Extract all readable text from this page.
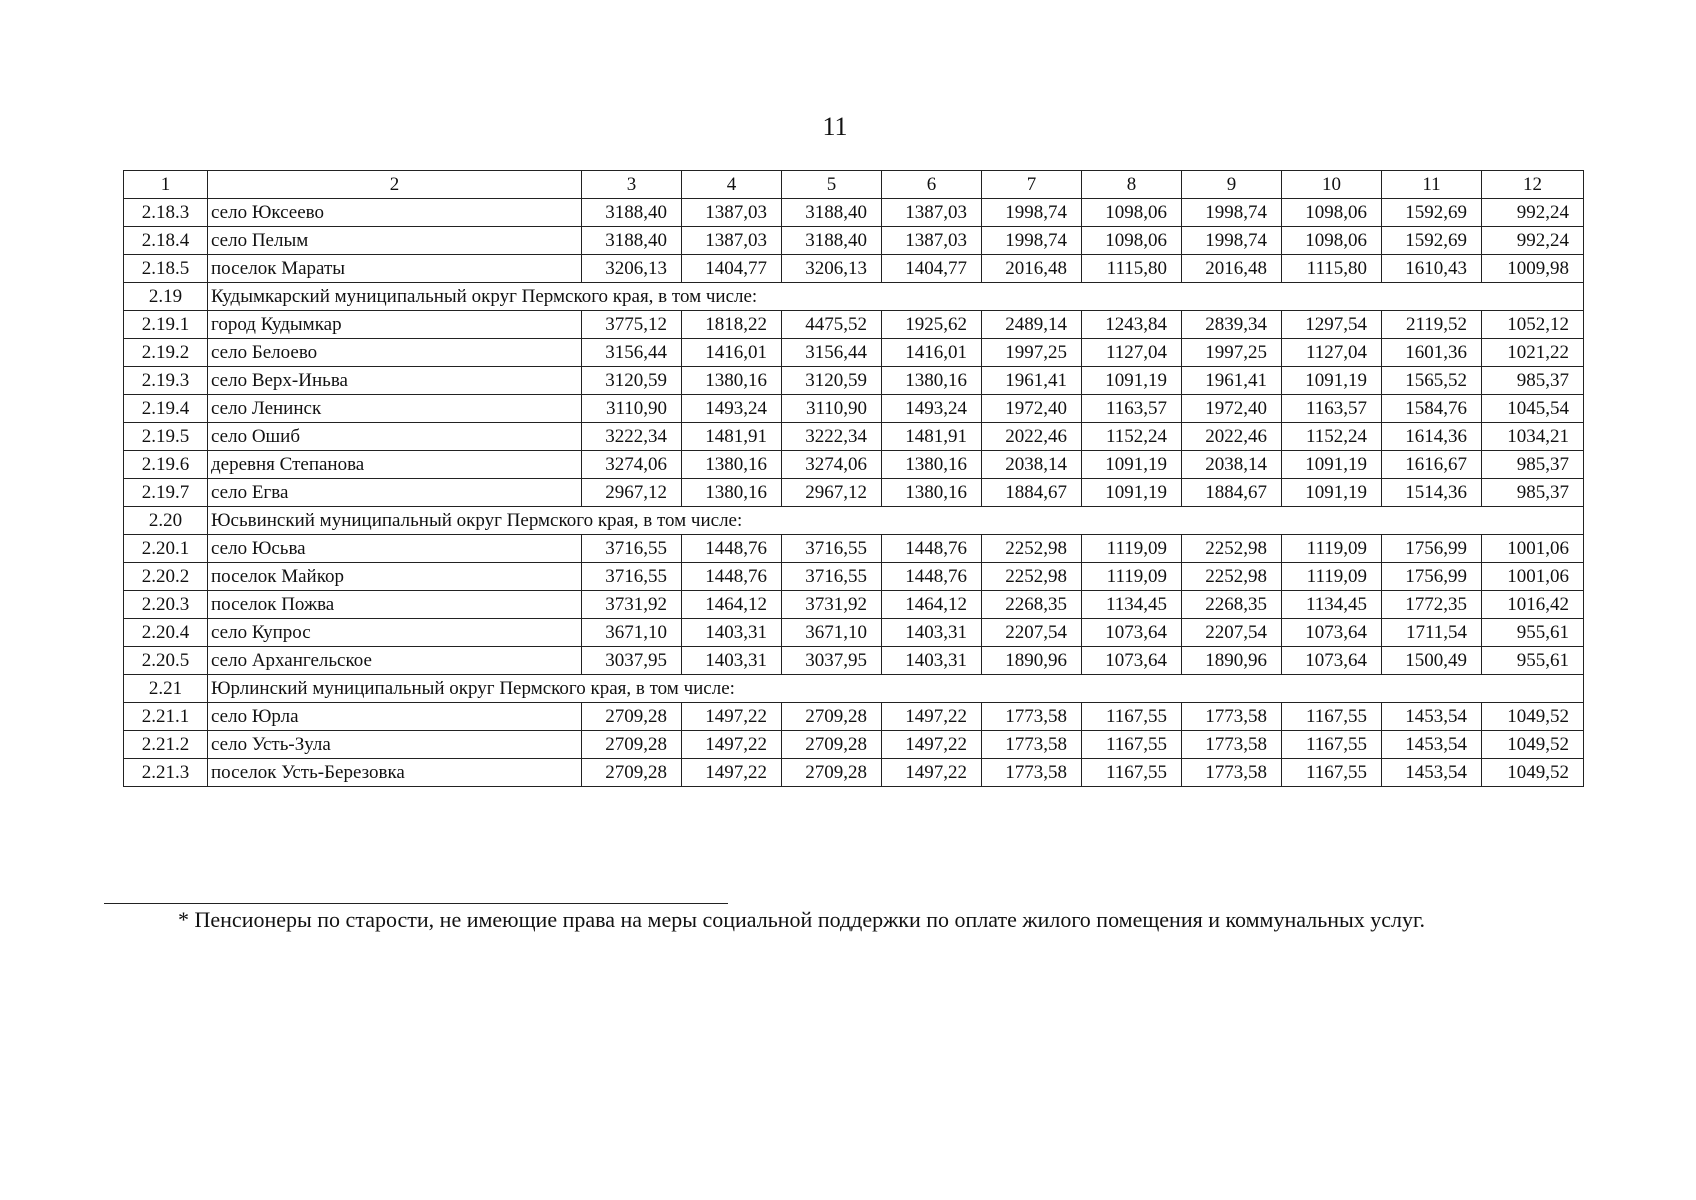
11
1	2	3	4	5	6	7	8	9	10	11	12
2.18.3	село Юксеево	3188,40	1387,03	3188,40	1387,03	1998,74	1098,06	1998,74	1098,06	1592,69	992,24
2.18.4	село Пелым	3188,40	1387,03	3188,40	1387,03	1998,74	1098,06	1998,74	1098,06	1592,69	992,24
2.18.5	поселок Мараты	3206,13	1404,77	3206,13	1404,77	2016,48	1115,80	2016,48	1115,80	1610,43	1009,98
2.19	Кудымкарский муниципальный округ Пермского края, в том числе:										
2.19.1	город Кудымкар	3775,12	1818,22	4475,52	1925,62	2489,14	1243,84	2839,34	1297,54	2119,52	1052,12
2.19.2	село Белоево	3156,44	1416,01	3156,44	1416,01	1997,25	1127,04	1997,25	1127,04	1601,36	1021,22
2.19.3	село Верх-Иньва	3120,59	1380,16	3120,59	1380,16	1961,41	1091,19	1961,41	1091,19	1565,52	985,37
2.19.4	село Ленинск	3110,90	1493,24	3110,90	1493,24	1972,40	1163,57	1972,40	1163,57	1584,76	1045,54
2.19.5	село Ошиб	3222,34	1481,91	3222,34	1481,91	2022,46	1152,24	2022,46	1152,24	1614,36	1034,21
2.19.6	деревня Степанова	3274,06	1380,16	3274,06	1380,16	2038,14	1091,19	2038,14	1091,19	1616,67	985,37
2.19.7	село Егва	2967,12	1380,16	2967,12	1380,16	1884,67	1091,19	1884,67	1091,19	1514,36	985,37
2.20	Юсьвинский муниципальный округ Пермского края, в том числе:										
2.20.1	село Юсьва	3716,55	1448,76	3716,55	1448,76	2252,98	1119,09	2252,98	1119,09	1756,99	1001,06
2.20.2	поселок Майкор	3716,55	1448,76	3716,55	1448,76	2252,98	1119,09	2252,98	1119,09	1756,99	1001,06
2.20.3	поселок Пожва	3731,92	1464,12	3731,92	1464,12	2268,35	1134,45	2268,35	1134,45	1772,35	1016,42
2.20.4	село Купрос	3671,10	1403,31	3671,10	1403,31	2207,54	1073,64	2207,54	1073,64	1711,54	955,61
2.20.5	село Архангельское	3037,95	1403,31	3037,95	1403,31	1890,96	1073,64	1890,96	1073,64	1500,49	955,61
2.21	Юрлинский муниципальный округ Пермского края, в том числе:										
2.21.1	село Юрла	2709,28	1497,22	2709,28	1497,22	1773,58	1167,55	1773,58	1167,55	1453,54	1049,52
2.21.2	село Усть-Зула	2709,28	1497,22	2709,28	1497,22	1773,58	1167,55	1773,58	1167,55	1453,54	1049,52
2.21.3	поселок Усть-Березовка	2709,28	1497,22	2709,28	1497,22	1773,58	1167,55	1773,58	1167,55	1453,54	1049,52
* Пенсионеры по старости, не имеющие права на меры социальной поддержки по оплате жилого помещения и коммунальных услуг.
